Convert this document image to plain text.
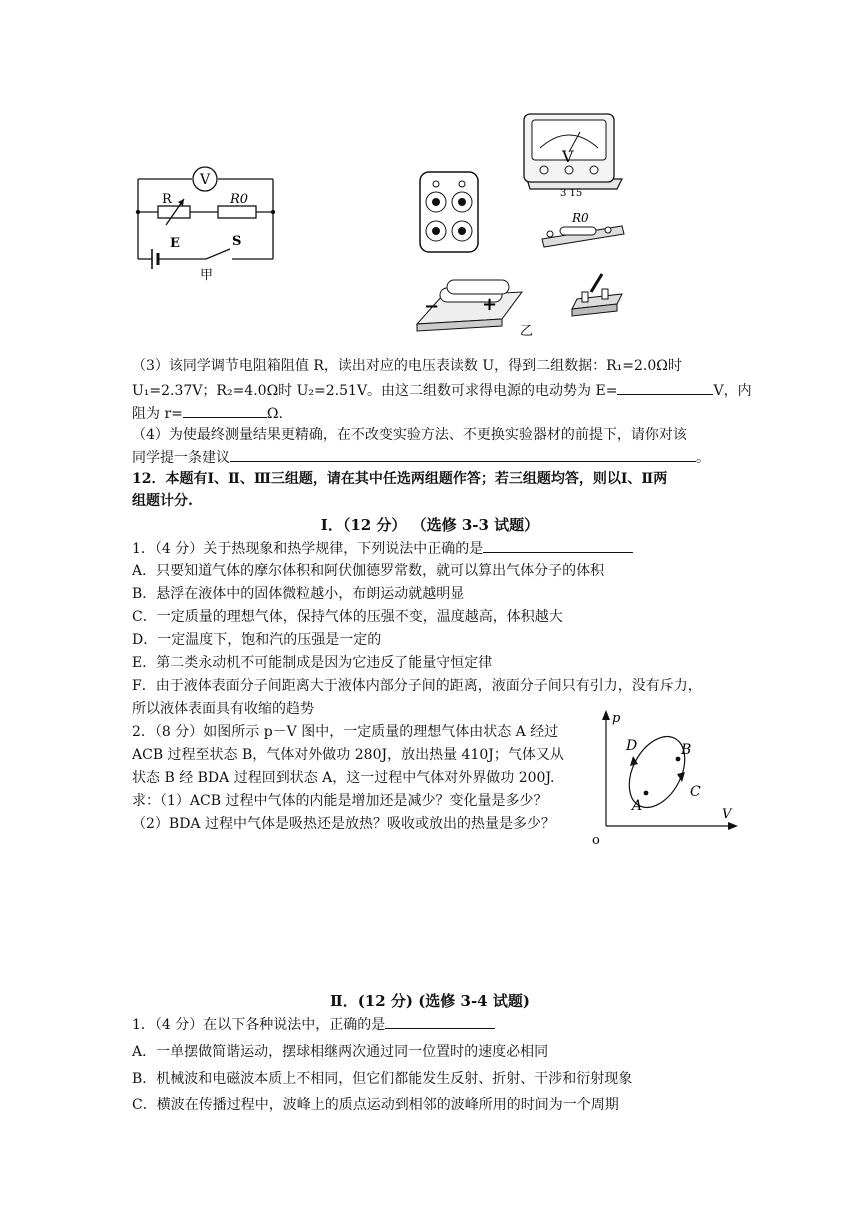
V
R	R0
E	S
甲
V
3 15
R0
− +
乙
（3）该同学调节电阻箱阻值 R，读出对应的电压表读数 U，得到二组数据：R₁=2.0Ω时
U₁=2.37V；R₂=4.0Ω时 U₂=2.51V。由这二组数可求得电源的电动势为 E=	V，内
阻为 r=	Ω.
（4）为使最终测量结果更精确，在不改变实验方法、不更换实验器材的前提下，请你对该
同学提一条建议	。
12．本题有Ⅰ、Ⅱ、Ⅲ三组题，请在其中任选两组题作答；若三组题均答，则以Ⅰ、Ⅱ两
组题计分.
Ⅰ．（12 分） （选修 3-3 试题）
1．（4 分）关于热现象和热学规律，下列说法中正确的是
A．只要知道气体的摩尔体积和阿伏伽德罗常数，就可以算出气体分子的体积
B．悬浮在液体中的固体微粒越小，布朗运动就越明显
C．一定质量的理想气体，保持气体的压强不变，温度越高，体积越大
D．一定温度下，饱和汽的压强是一定的
E．第二类永动机不可能制成是因为它违反了能量守恒定律
F．由于液体表面分子间距离大于液体内部分子间的距离，液面分子间只有引力，没有斥力，
所以液体表面具有收缩的趋势
2．（8 分）如图所示 p－V 图中，一定质量的理想气体由状态 A 经过
ACB 过程至状态 B，气体对外做功 280J，放出热量 410J；气体又从
状态 B 经 BDA 过程回到状态 A，这一过程中气体对外界做功 200J.
求：（1）ACB 过程中气体的内能是增加还是减少？变化量是多少？
（2）BDA 过程中气体是吸热还是放热？吸收或放出的热量是多少？
p
V
o
D	B
C
A
Ⅱ．(12 分) (选修 3-4 试题)
1．（4 分）在以下各种说法中，正确的是
A．一单摆做简谐运动，摆球相继两次通过同一位置时的速度必相同
B．机械波和电磁波本质上不相同，但它们都能发生反射、折射、干涉和衍射现象
C．横波在传播过程中，波峰上的质点运动到相邻的波峰所用的时间为一个周期
